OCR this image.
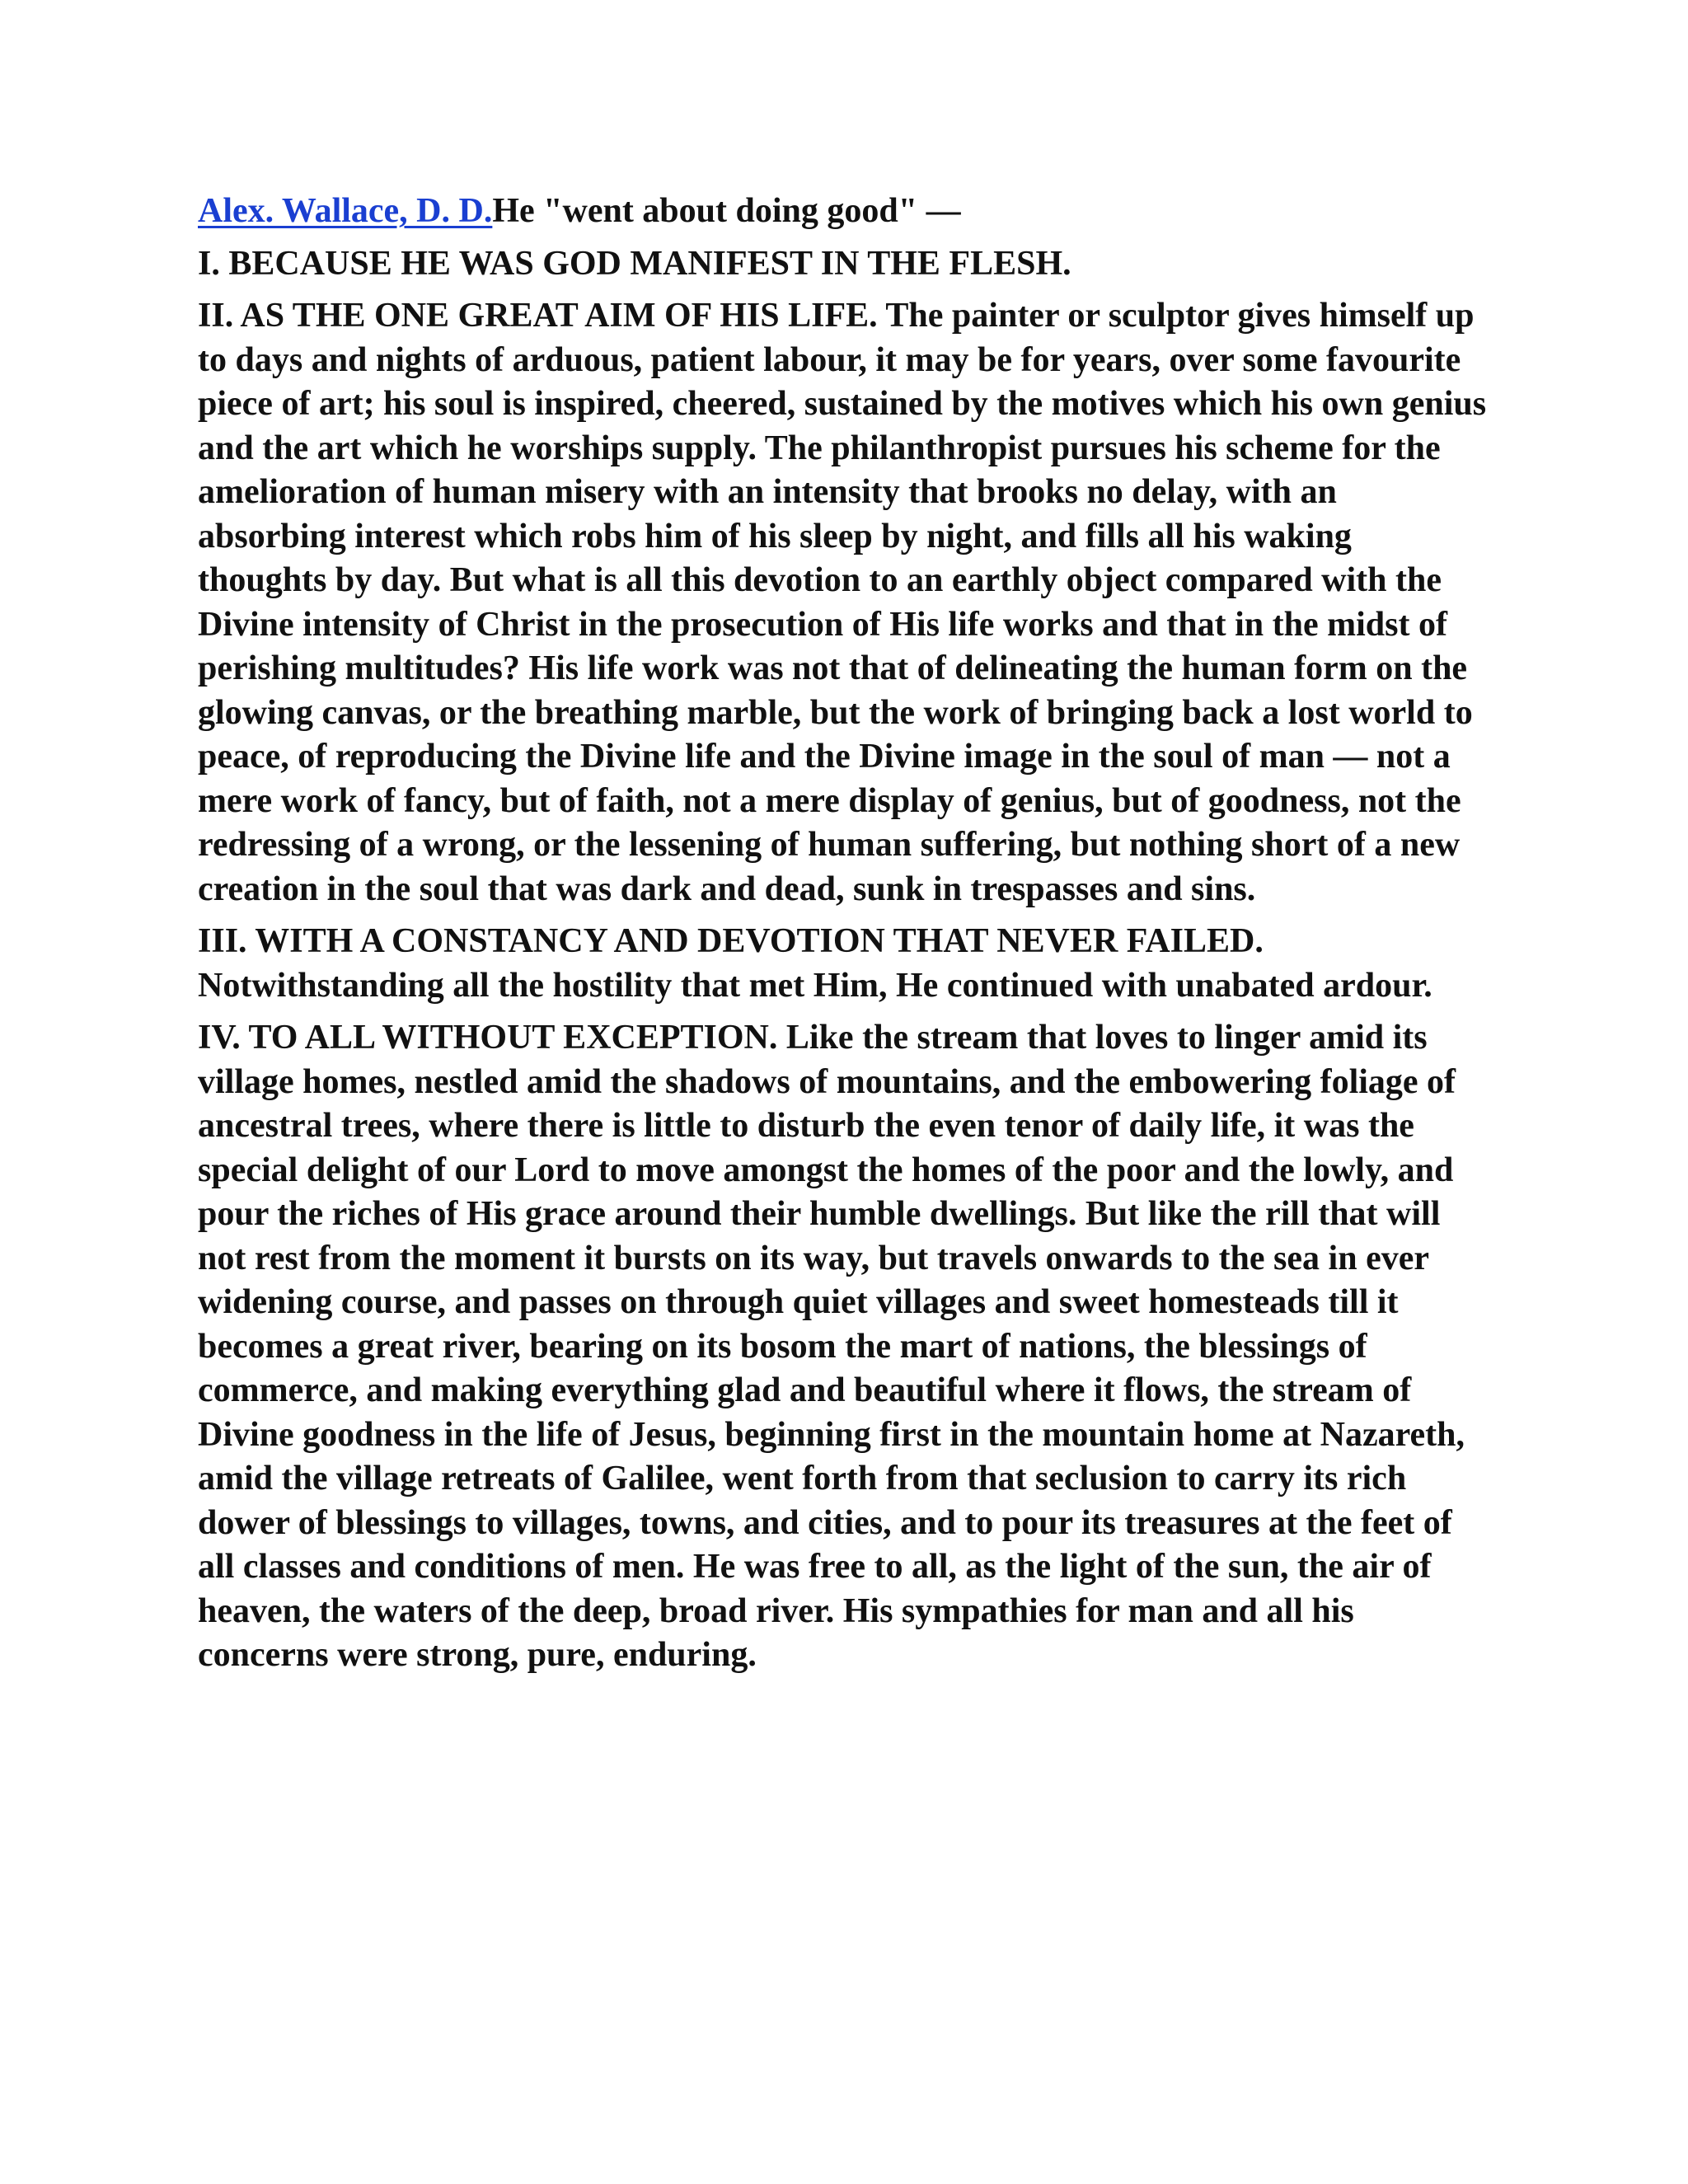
Alex. Wallace, D. D.He "went about doing good" —

I. BECAUSE HE WAS GOD MANIFEST IN THE FLESH.

II. AS THE ONE GREAT AIM OF HIS LIFE. The painter or sculptor gives himself up to days and nights of arduous, patient labour, it may be for years, over some favourite piece of art; his soul is inspired, cheered, sustained by the motives which his own genius and the art which he worships supply. The philanthropist pursues his scheme for the amelioration of human misery with an intensity that brooks no delay, with an absorbing interest which robs him of his sleep by night, and fills all his waking thoughts by day. But what is all this devotion to an earthly object compared with the Divine intensity of Christ in the prosecution of His life works and that in the midst of perishing multitudes? His life work was not that of delineating the human form on the glowing canvas, or the breathing marble, but the work of bringing back a lost world to peace, of reproducing the Divine life and the Divine image in the soul of man — not a mere work of fancy, but of faith, not a mere display of genius, but of goodness, not the redressing of a wrong, or the lessening of human suffering, but nothing short of a new creation in the soul that was dark and dead, sunk in trespasses and sins.

III. WITH A CONSTANCY AND DEVOTION THAT NEVER FAILED. Notwithstanding all the hostility that met Him, He continued with unabated ardour.

IV. TO ALL WITHOUT EXCEPTION. Like the stream that loves to linger amid its village homes, nestled amid the shadows of mountains, and the embowering foliage of ancestral trees, where there is little to disturb the even tenor of daily life, it was the special delight of our Lord to move amongst the homes of the poor and the lowly, and pour the riches of His grace around their humble dwellings. But like the rill that will not rest from the moment it bursts on its way, but travels onwards to the sea in ever widening course, and passes on through quiet villages and sweet homesteads till it becomes a great river, bearing on its bosom the mart of nations, the blessings of commerce, and making everything glad and beautiful where it flows, the stream of Divine goodness in the life of Jesus, beginning first in the mountain home at Nazareth, amid the village retreats of Galilee, went forth from that seclusion to carry its rich dower of blessings to villages, towns, and cities, and to pour its treasures at the feet of all classes and conditions of men. He was free to all, as the light of the sun, the air of heaven, the waters of the deep, broad river. His sympathies for man and all his concerns were strong, pure, enduring.
